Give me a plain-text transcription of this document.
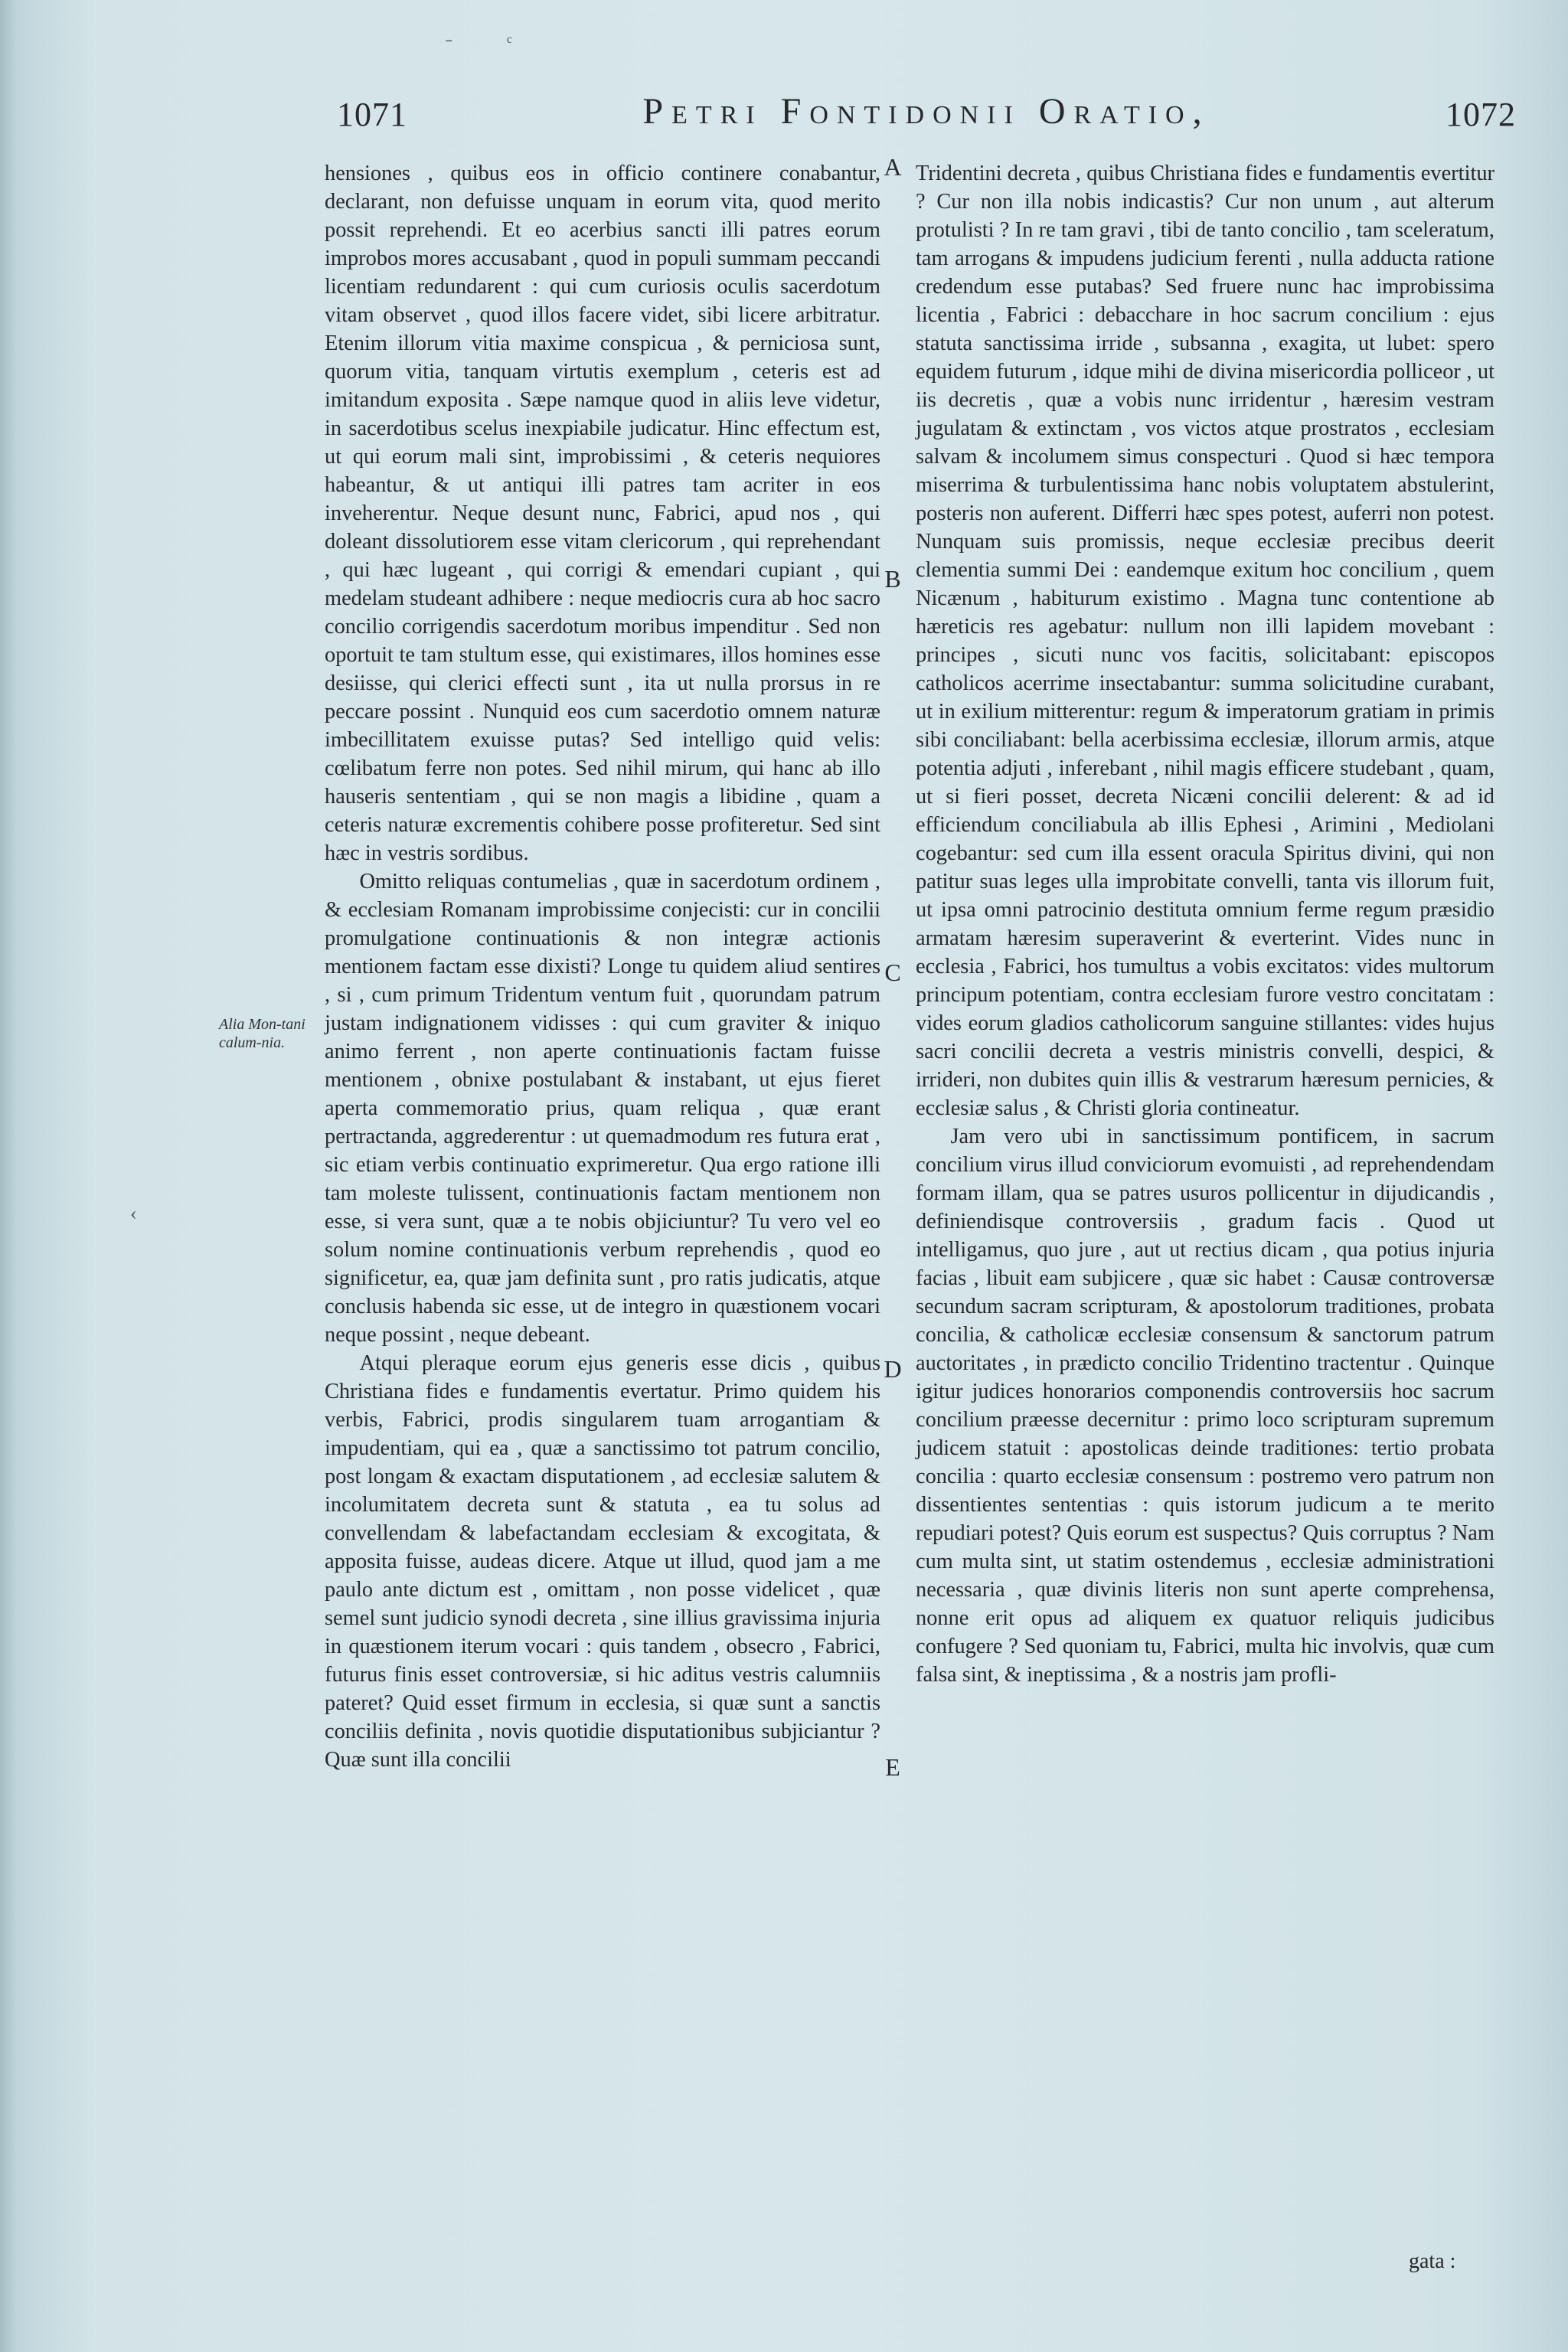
ˉ	ᶜ
‹
1071	Petri Fontidonii Oratio,	1072
Alia Mon-tani calum-nia.

hensiones , quibus eos in officio continere conabantur, declarant, non defuisse unquam in eorum vita, quod merito possit reprehendi. Et eo acerbius sancti illi patres eorum improbos mores accusabant , quod in populi summam peccandi licentiam redundarent : qui cum curiosis oculis sacerdotum vitam observet , quod illos facere videt, sibi licere arbitratur. Etenim illorum vitia maxime conspicua , & perniciosa sunt, quorum vitia, tanquam virtutis exemplum , ceteris est ad imitandum exposita . Sæpe namque quod in aliis leve videtur, in sacerdotibus scelus inexpiabile judicatur. Hinc effectum est, ut qui eorum mali sint, improbissimi , & ceteris nequiores habeantur, & ut antiqui illi patres tam acriter in eos inveherentur. Neque desunt nunc, Fabrici, apud nos , qui doleant dissolutiorem esse vitam clericorum , qui reprehendant , qui hæc lugeant , qui corrigi & emendari cupiant , qui medelam studeant adhibere : neque mediocris cura ab hoc sacro concilio corrigendis sacerdotum moribus impenditur . Sed non oportuit te tam stultum esse, qui existimares, illos homines esse desiisse, qui clerici effecti sunt , ita ut nulla prorsus in re peccare possint . Nunquid eos cum sacerdotio omnem naturæ imbecillitatem exuisse putas? Sed intelligo quid velis: cœlibatum ferre non potes. Sed nihil mirum, qui hanc ab illo hauseris sententiam , qui se non magis a libidine , quam a ceteris naturæ excrementis cohibere posse profiteretur. Sed sint hæc in vestris sordibus.

Omitto reliquas contumelias , quæ in sacerdotum ordinem , & ecclesiam Romanam improbissime conjecisti: cur in concilii promulgatione continuationis & non integræ actionis mentionem factam esse dixisti? Longe tu quidem aliud sentires , si , cum primum Tridentum ventum fuit , quorundam patrum justam indignationem vidisses : qui cum graviter & iniquo animo ferrent , non aperte continuationis factam fuisse mentionem , obnixe postulabant & instabant, ut ejus fieret aperta commemoratio prius, quam reliqua , quæ erant pertractanda, aggrederentur : ut quemadmodum res futura erat , sic etiam verbis continuatio exprimeretur. Qua ergo ratione illi tam moleste tulissent, continuationis factam mentionem non esse, si vera sunt, quæ a te nobis objiciuntur? Tu vero vel eo solum nomine continuationis verbum reprehendis , quod eo significetur, ea, quæ jam definita sunt , pro ratis judicatis, atque conclusis habenda sic esse, ut de integro in quæstionem vocari neque possint , neque debeant.

Atqui pleraque eorum ejus generis esse dicis , quibus Christiana fides e fundamentis evertatur. Primo quidem his verbis, Fabrici, prodis singularem tuam arrogantiam & impudentiam, qui ea , quæ a sanctissimo tot patrum concilio, post longam & exactam disputationem , ad ecclesiæ salutem & incolumitatem decreta sunt & statuta , ea tu solus ad convellendam & labefactandam ecclesiam & excogitata, & apposita fuisse, audeas dicere. Atque ut illud, quod jam a me paulo ante dictum est , omittam , non posse videlicet , quæ semel sunt judicio synodi decreta , sine illius gravissima injuria in quæstionem iterum vocari : quis tandem , obsecro , Fabrici, futurus finis esset controversiæ, si hic aditus vestris calumniis pateret? Quid esset firmum in ecclesia, si quæ sunt a sanctis conciliis definita , novis quotidie disputationibus subjiciantur ? Quæ sunt illa concilii

A
B
C
D
E

Tridentini decreta , quibus Christiana fides e fundamentis evertitur ? Cur non illa nobis indicastis? Cur non unum , aut alterum protulisti ? In re tam gravi , tibi de tanto concilio , tam sceleratum, tam arrogans & impudens judicium ferenti , nulla adducta ratione credendum esse putabas? Sed fruere nunc hac improbissima licentia , Fabrici : debacchare in hoc sacrum concilium : ejus statuta sanctissima irride , subsanna , exagita, ut lubet: spero equidem futurum , idque mihi de divina misericordia polliceor , ut iis decretis , quæ a vobis nunc irridentur , hæresim vestram jugulatam & extinctam , vos victos atque prostratos , ecclesiam salvam & incolumem simus conspecturi . Quod si hæc tempora miserrima & turbulentissima hanc nobis voluptatem abstulerint, posteris non auferent. Differri hæc spes potest, auferri non potest. Nunquam suis promissis, neque ecclesiæ precibus deerit clementia summi Dei : eandemque exitum hoc concilium , quem Nicænum , habiturum existimo . Magna tunc contentione ab hæreticis res agebatur: nullum non illi lapidem movebant : principes , sicuti nunc vos facitis, solicitabant: episcopos catholicos acerrime insectabantur: summa solicitudine curabant, ut in exilium mitterentur: regum & imperatorum gratiam in primis sibi conciliabant: bella acerbissima ecclesiæ, illorum armis, atque potentia adjuti , inferebant , nihil magis efficere studebant , quam, ut si fieri posset, decreta Nicæni concilii delerent: & ad id efficiendum conciliabula ab illis Ephesi , Arimini , Mediolani cogebantur: sed cum illa essent oracula Spiritus divini, qui non patitur suas leges ulla improbitate convelli, tanta vis illorum fuit, ut ipsa omni patrocinio destituta omnium ferme regum præsidio armatam hæresim superaverint & everterint. Vides nunc in ecclesia , Fabrici, hos tumultus a vobis excitatos: vides multorum principum potentiam, contra ecclesiam furore vestro concitatam : vides eorum gladios catholicorum sanguine stillantes: vides hujus sacri concilii decreta a vestris ministris convelli, despici, & irrideri, non dubites quin illis & vestrarum hæresum pernicies, & ecclesiæ salus , & Christi gloria contineatur.

Jam vero ubi in sanctissimum pontificem, in sacrum concilium virus illud conviciorum evomuisti , ad reprehendendam formam illam, qua se patres usuros pollicentur in dijudicandis , definiendisque controversiis , gradum facis . Quod ut intelligamus, quo jure , aut ut rectius dicam , qua potius injuria facias , libuit eam subjicere , quæ sic habet : Causæ controversæ secundum sacram scripturam, & apostolorum traditiones, probata concilia, & catholicæ ecclesiæ consensum & sanctorum patrum auctoritates , in prædicto concilio Tridentino tractentur . Quinque igitur judices honorarios componendis controversiis hoc sacrum concilium præesse decernitur : primo loco scripturam supremum judicem statuit : apostolicas deinde traditiones: tertio probata concilia : quarto ecclesiæ consensum : postremo vero patrum non dissentientes sententias : quis istorum judicum a te merito repudiari potest? Quis eorum est suspectus? Quis corruptus ? Nam cum multa sint, ut statim ostendemus , ecclesiæ administrationi necessaria , quæ divinis literis non sunt aperte comprehensa, nonne erit opus ad aliquem ex quatuor reliquis judicibus confugere ? Sed quoniam tu, Fabrici, multa hic involvis, quæ cum falsa sint, & ineptissima , & a nostris jam profli-

gata :
